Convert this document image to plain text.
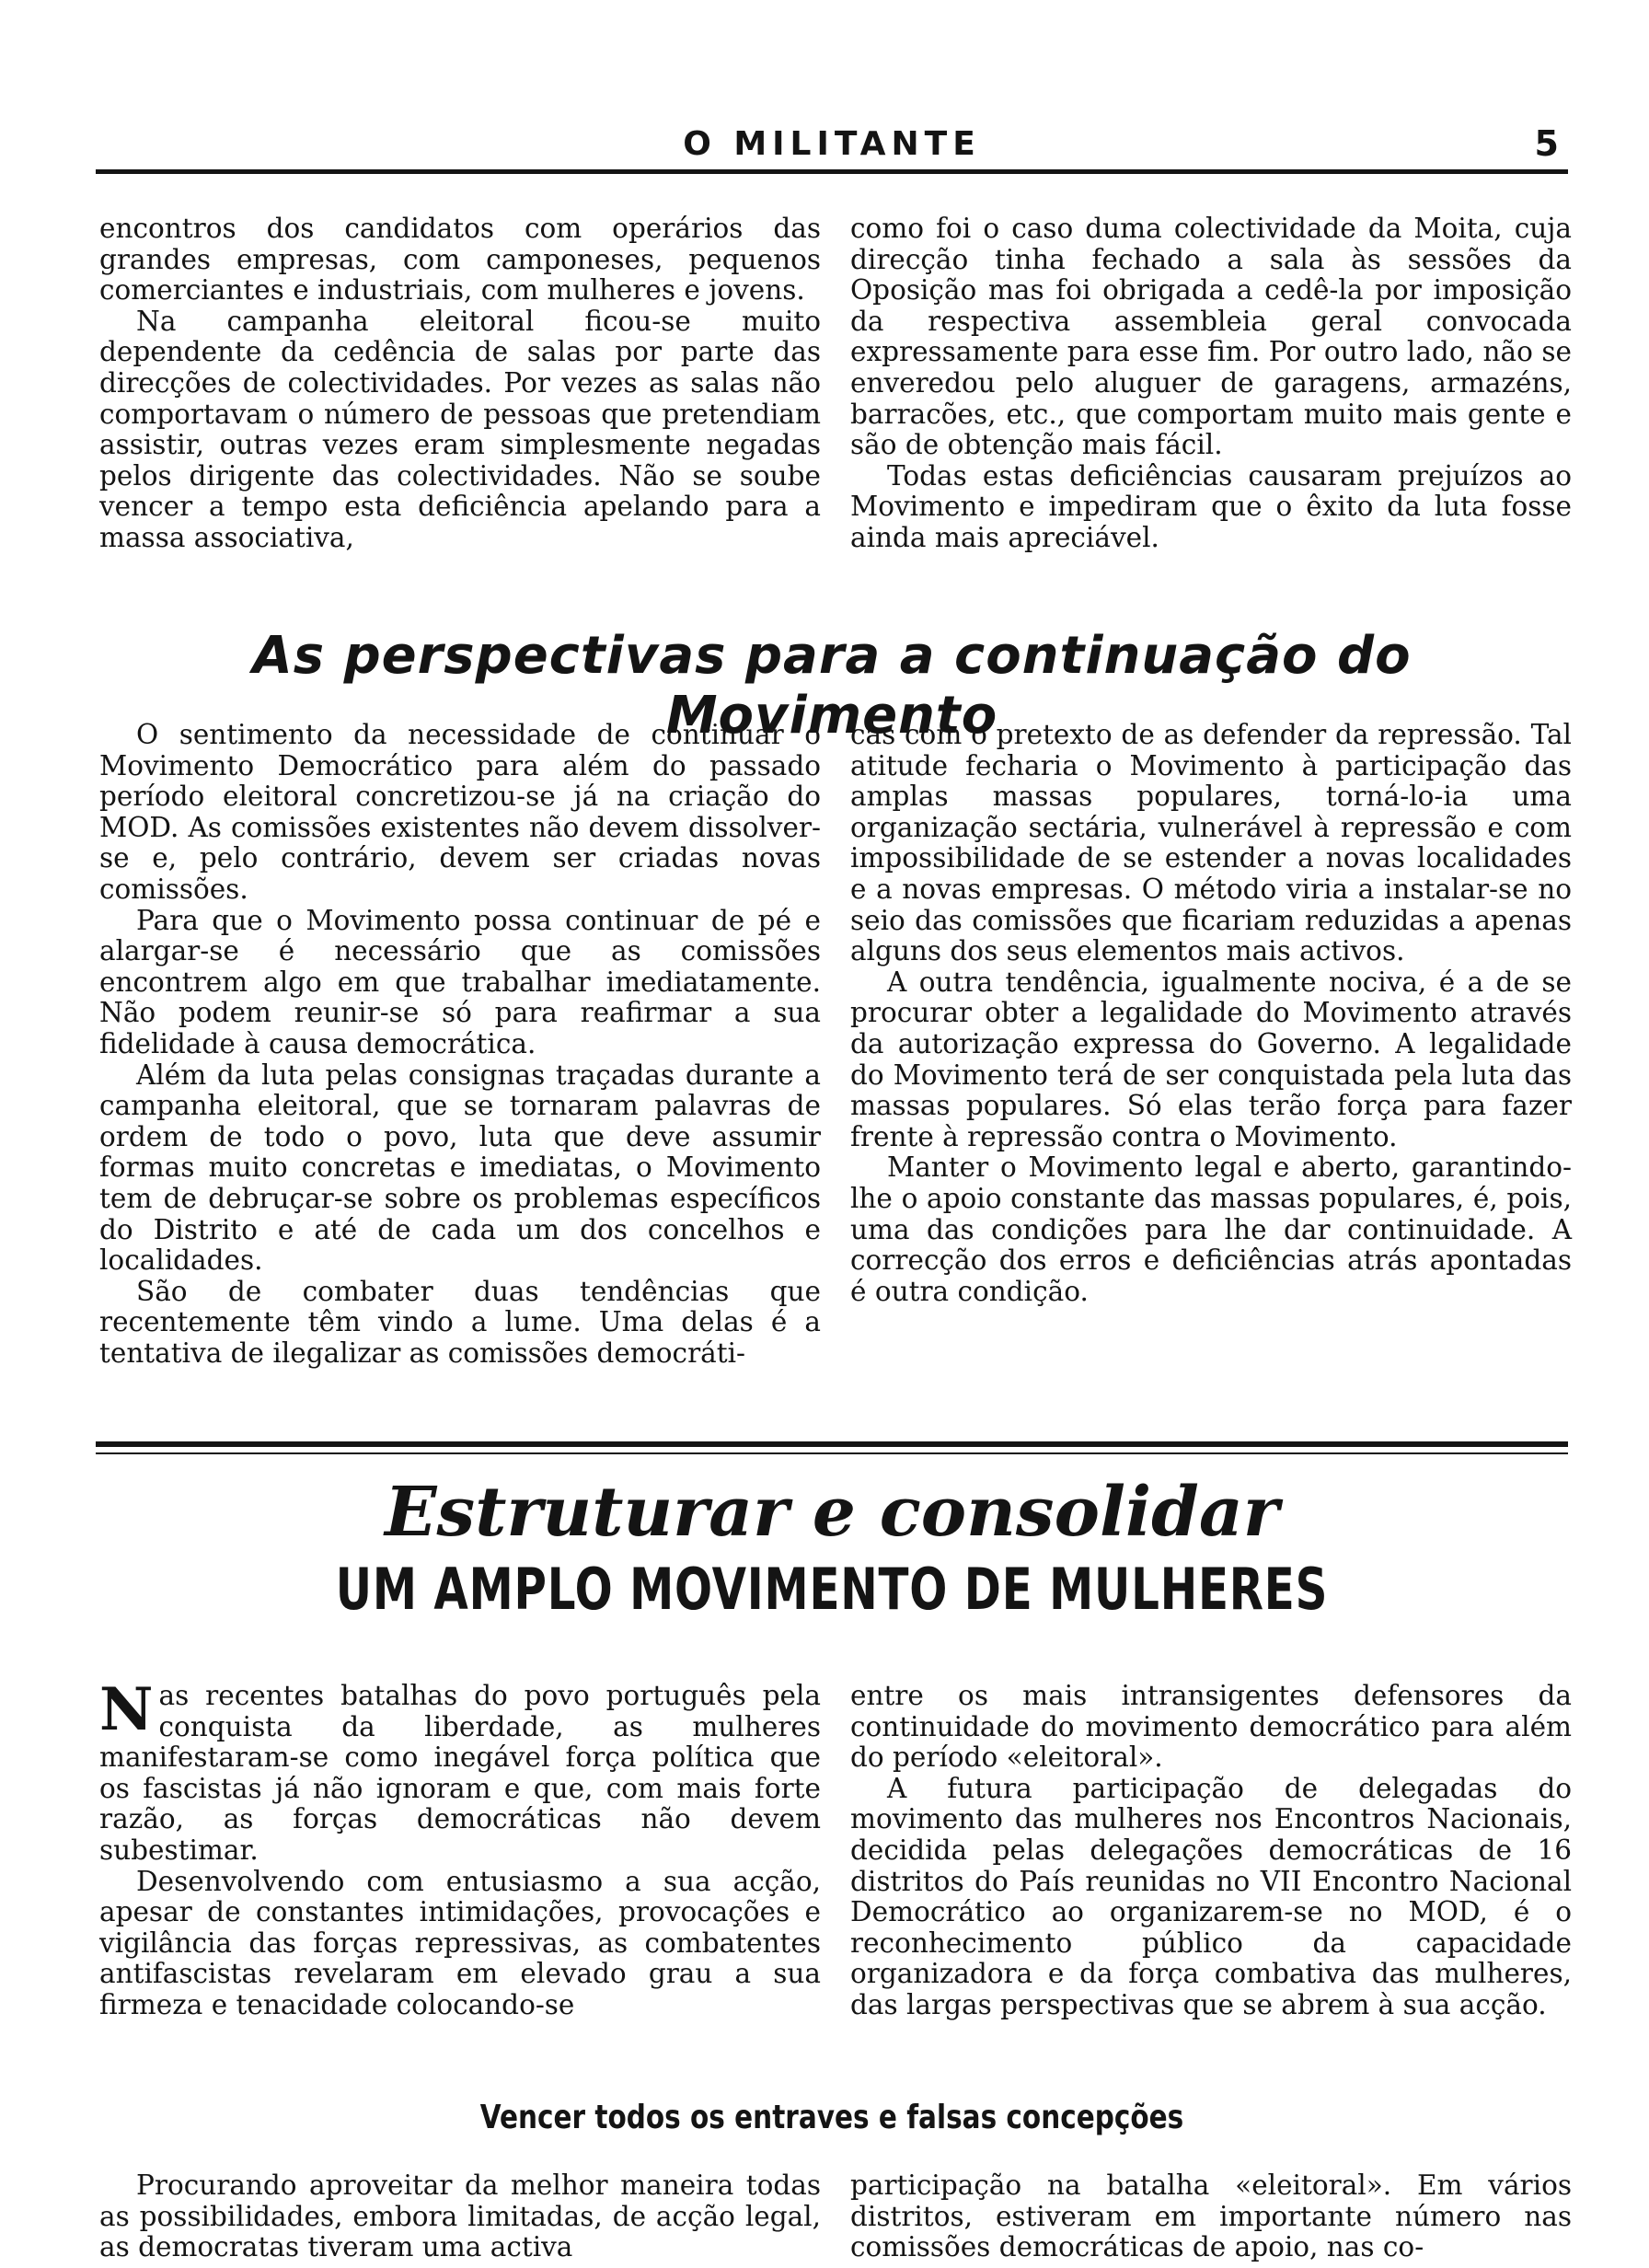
O MILITANTE	5

encontros dos candidatos com operários das grandes empresas, com camponeses, pequenos comerciantes e industriais, com mulheres e jovens.

Na campanha eleitoral ficou-se muito dependente da cedência de salas por parte das direcções de colectividades. Por vezes as salas não comportavam o número de pessoas que pretendiam assistir, outras vezes eram simplesmente negadas pelos dirigente das colectividades. Não se soube vencer a tempo esta deficiência apelando para a massa associativa,

como foi o caso duma colectividade da Moita, cuja direcção tinha fechado a sala às sessões da Oposição mas foi obrigada a cedê-la por imposição da respectiva assembleia geral convocada expressamente para esse fim. Por outro lado, não se enveredou pelo aluguer de garagens, armazéns, barracões, etc., que comportam muito mais gente e são de obtenção mais fácil.

Todas estas deficiências causaram prejuízos ao Movimento e impediram que o êxito da luta fosse ainda mais apreciável.

As perspectivas para a continuação do Movimento

O sentimento da necessidade de continuar o Movimento Democrático para além do passado período eleitoral concretizou-se já na criação do MOD. As comissões existentes não devem dissolver-se e, pelo contrário, devem ser criadas novas comissões.

Para que o Movimento possa continuar de pé e alargar-se é necessário que as comissões encontrem algo em que trabalhar imediatamente. Não podem reunir-se só para reafirmar a sua fidelidade à causa democrática.

Além da luta pelas consignas traçadas durante a campanha eleitoral, que se tornaram palavras de ordem de todo o povo, luta que deve assumir formas muito concretas e imediatas, o Movimento tem de debruçar-se sobre os problemas específicos do Distrito e até de cada um dos concelhos e localidades.

São de combater duas tendências que recentemente têm vindo a lume. Uma delas é a tentativa de ilegalizar as comissões democráti-

cas com o pretexto de as defender da repressão. Tal atitude fecharia o Movimento à participação das amplas massas populares, torná-lo-ia uma organização sectária, vulnerável à repressão e com impossibilidade de se estender a novas localidades e a novas empresas. O método viria a instalar-se no seio das comissões que ficariam reduzidas a apenas alguns dos seus elementos mais activos.

A outra tendência, igualmente nociva, é a de se procurar obter a legalidade do Movimento através da autorização expressa do Governo. A legalidade do Movimento terá de ser conquistada pela luta das massas populares. Só elas terão força para fazer frente à repressão contra o Movimento.

Manter o Movimento legal e aberto, garantindo-lhe o apoio constante das massas populares, é, pois, uma das condições para lhe dar continuidade. A correcção dos erros e deficiências atrás apontadas é outra condição.

Estruturar e consolidar
UM AMPLO MOVIMENTO DE MULHERES

Nas recentes batalhas do povo português pela conquista da liberdade, as mulheres manifestaram-se como inegável força política que os fascistas já não ignoram e que, com mais forte razão, as forças democráticas não devem subestimar.

Desenvolvendo com entusiasmo a sua acção, apesar de constantes intimidações, provocações e vigilância das forças repressivas, as combatentes antifascistas revelaram em elevado grau a sua firmeza e tenacidade colocando-se

entre os mais intransigentes defensores da continuidade do movimento democrático para além do período «eleitoral».

A futura participação de delegadas do movimento das mulheres nos Encontros Nacionais, decidida pelas delegações democráticas de 16 distritos do País reunidas no VII Encontro Nacional Democrático ao organizarem-se no MOD, é o reconhecimento público da capacidade organizadora e da força combativa das mulheres, das largas perspectivas que se abrem à sua acção.

Vencer todos os entraves e falsas concepções

Procurando aproveitar da melhor maneira todas as possibilidades, embora limitadas, de acção legal, as democratas tiveram uma activa

participação na batalha «eleitoral». Em vários distritos, estiveram em importante número nas comissões democráticas de apoio, nas co-
